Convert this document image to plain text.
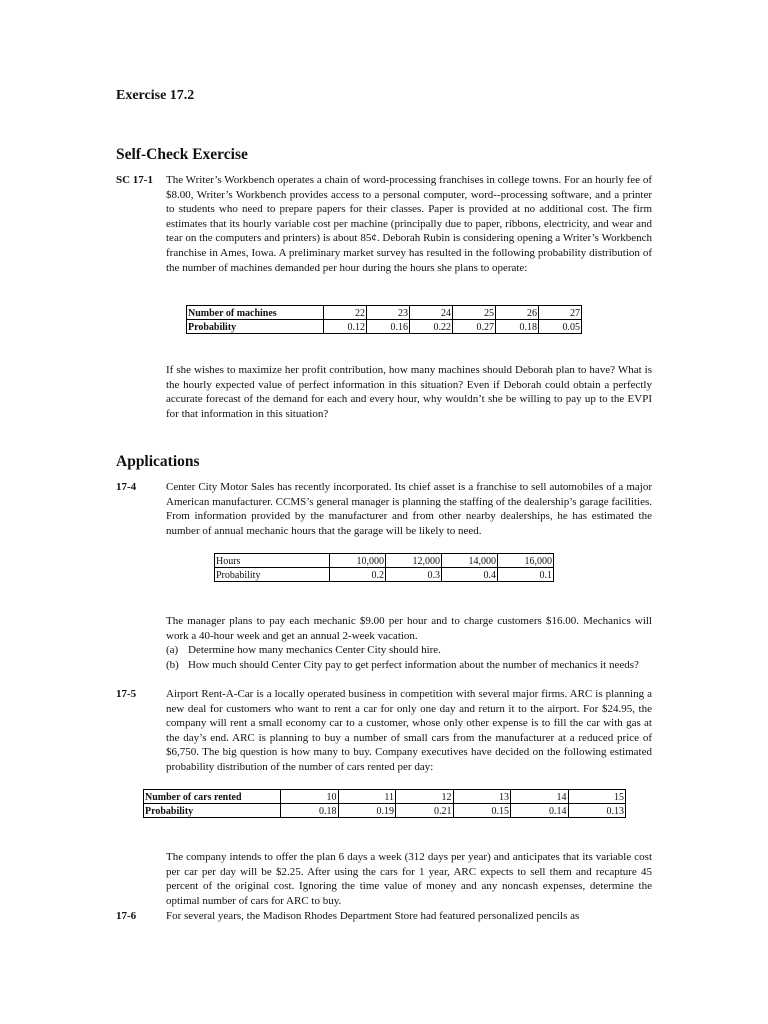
Exercise 17.2
Self-Check Exercise
SC 17-1 The Writer’s Workbench operates a chain of word-processing franchises in college towns. For an hourly fee of $8.00, Writer’s Workbench provides access to a personal computer, word--processing software, and a printer to students who need to prepare papers for their classes. Paper is provided at no additional cost. The firm estimates that its hourly variable cost per machine (principally due to paper, ribbons, electricity, and wear and tear on the computers and printers) is about 85¢. Deborah Rubin is considering opening a Writer’s Workbench franchise in Ames, Iowa. A preliminary market survey has resulted in the following probability distribution of the number of machines demanded per hour during the hours she plans to operate:
Number of machines	22	23	24	25	26	27
Probability	0.12	0.16	0.22	0.27	0.18	0.05
If she wishes to maximize her profit contribution, how many machines should Deborah plan to have? What is the hourly expected value of perfect information in this situation? Even if Deborah could obtain a perfectly accurate forecast of the demand for each and every hour, why wouldn’t she be willing to pay up to the EVPI for that information in this situation?
Applications
17-4	Center City Motor Sales has recently incorporated. Its chief asset is a franchise to sell automobiles of a major American manufacturer. CCMS’s general manager is planning the staffing of the dealership’s garage facilities. From information provided by the manufacturer and from other nearby dealerships, he has estimated the number of annual mechanic hours that the garage will be likely to need.
Hours	10,000	12,000	14,000	16,000
Probability	0.2	0.3	0.4	0.1
The manager plans to pay each mechanic $9.00 per hour and to charge customers $16.00. Mechanics will work a 40-hour week and get an annual 2-week vacation.
(a) Determine how many mechanics Center City should hire.
(b) How much should Center City pay to get perfect information about the number of mechanics it needs?
17-5	Airport Rent-A-Car is a locally operated business in competition with several major firms. ARC is planning a new deal for customers who want to rent a car for only one day and return it to the airport. For $24.95, the company will rent a small economy car to a customer, whose only other expense is to fill the car with gas at the day’s end. ARC is planning to buy a number of small cars from the manufacturer at a reduced price of $6,750. The big question is how many to buy. Company executives have decided on the following estimated probability distribution of the number of cars rented per day:
Number of cars rented	10	11	12	13	14	15
Probability	0.18	0.19	0.21	0.15	0.14	0.13
The company intends to offer the plan 6 days a week (312 days per year) and anticipates that its variable cost per car per day will be $2.25. After using the cars for 1 year, ARC expects to sell them and recapture 45 percent of the original cost. Ignoring the time value of money and any noncash expenses, determine the optimal number of cars for ARC to buy.
17-6	For several years, the Madison Rhodes Department Store had featured personalized pencils as
